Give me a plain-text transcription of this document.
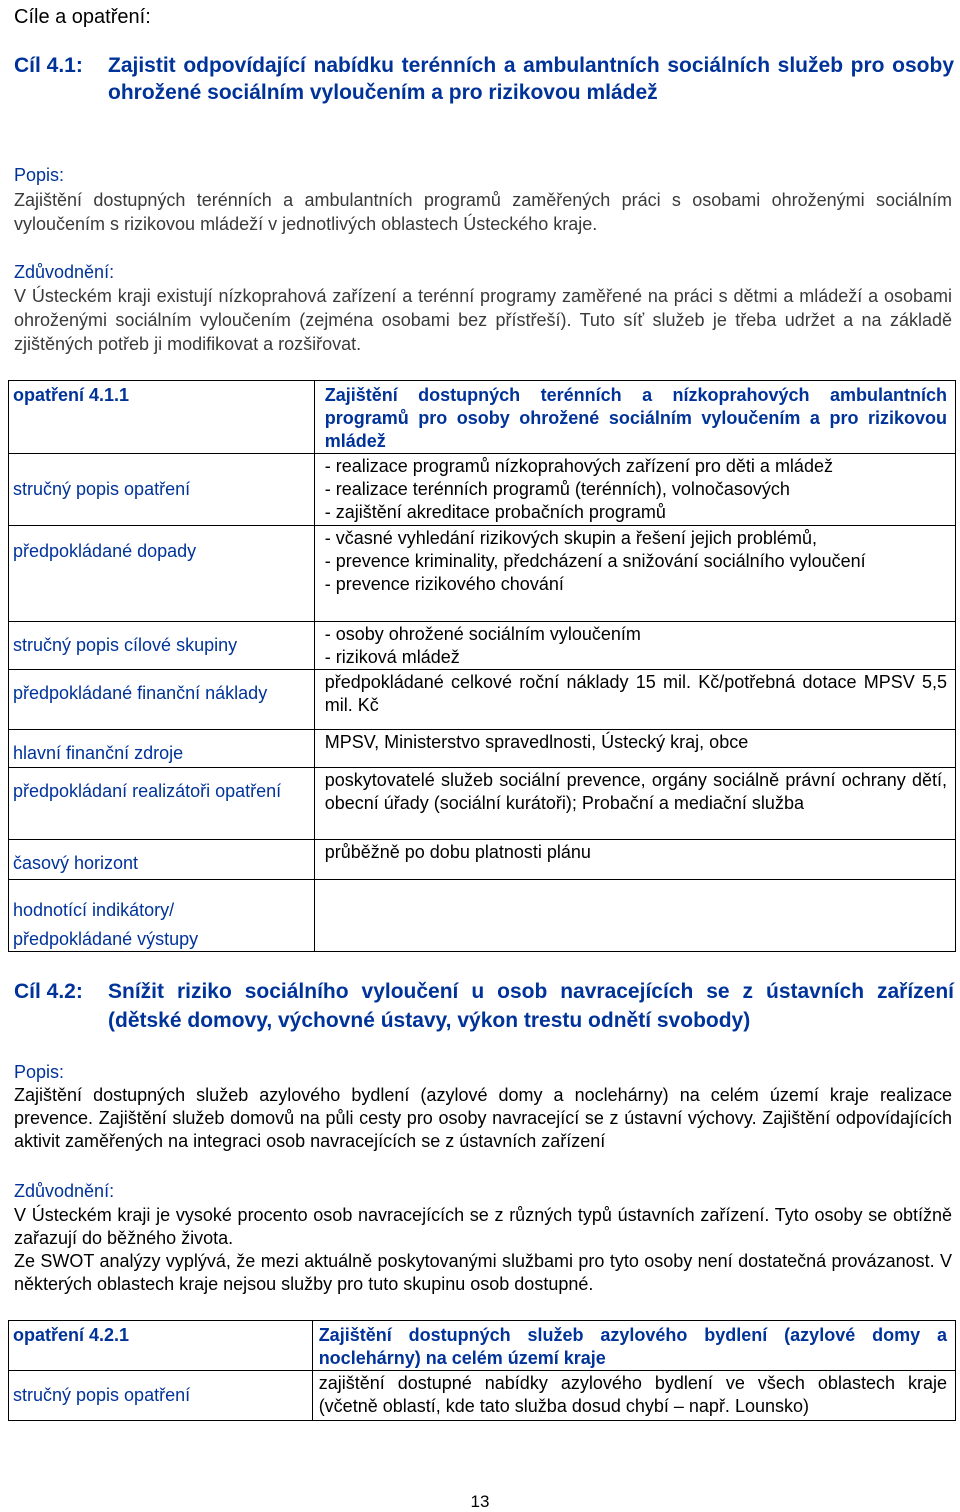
Cíle a opatření:
Cíl 4.1: Zajistit odpovídající nabídku terénních a ambulantních sociálních služeb pro osoby ohrožené sociálním vyloučením a pro rizikovou mládež
Popis:
Zajištění dostupných terénních a ambulantních programů zaměřených práci s osobami ohroženými sociálním vyloučením s rizikovou mládeží v jednotlivých oblastech Ústeckého kraje.
Zdůvodnění:
V Ústeckém kraji existují nízkoprahová zařízení a terénní programy zaměřené na práci s dětmi a mládeží a osobami ohroženými sociálním vyloučením (zejména osobami bez přístřeší). Tuto síť služeb je třeba udržet a na základě zjištěných potřeb ji modifikovat a rozšiřovat.
opatření 4.1.1	Zajištění dostupných terénních a nízkoprahových ambulantních programů pro osoby ohrožené sociálním vyloučením a pro rizikovou mládež

stručný popis opatření	- realizace programů nízkoprahových zařízení pro děti a mládež
- realizace terénních programů (terénních), volnočasových
- zajištění akreditace probačních programů

předpokládané dopady	- včasné vyhledání rizikových skupin a řešení jejich problémů,
- prevence kriminality, předcházení a snižování sociálního vyloučení
- prevence rizikového chování

stručný popis cílové skupiny	- osoby ohrožené sociálním vyloučením
- riziková mládež

předpokládané finanční náklady	předpokládané celkové roční náklady 15 mil. Kč/potřebná dotace MPSV 5,5 mil. Kč

hlavní finanční zdroje	MPSV, Ministerstvo spravedlnosti, Ústecký kraj, obce

předpokládaní realizátoři opatření	poskytovatelé služeb sociální prevence, orgány sociálně právní ochrany dětí, obecní úřady (sociální kurátoři); Probační a mediační služba

časový horizont	průběžně po dobu platnosti plánu

hodnotící indikátory/
předpokládané výstupy	

Cíl 4.2: Snížit riziko sociálního vyloučení u osob navracejících se z ústavních zařízení (dětské domovy, výchovné ústavy, výkon trestu odnětí svobody)
Popis:
Zajištění dostupných služeb azylového bydlení (azylové domy a noclehárny) na celém území kraje realizace prevence. Zajištění služeb domovů na půli cesty pro osoby navracející se z ústavní výchovy. Zajištění odpovídajících aktivit zaměřených na integraci osob navracejících se z ústavních zařízení
Zdůvodnění:
V Ústeckém kraji je vysoké procento osob navracejících se z různých typů ústavních zařízení. Tyto osoby se obtížně zařazují do běžného života.
Ze SWOT analýzy vyplývá, že mezi aktuálně poskytovanými službami pro tyto osoby není dostatečná provázanost. V některých oblastech kraje nejsou služby pro tuto skupinu osob dostupné.
opatření 4.2.1	Zajištění dostupných služeb azylového bydlení (azylové domy a noclehárny) na celém území kraje

stručný popis opatření	zajištění dostupné nabídky azylového bydlení ve všech oblastech kraje (včetně oblastí, kde tato služba dosud chybí – např. Lounsko)
13
